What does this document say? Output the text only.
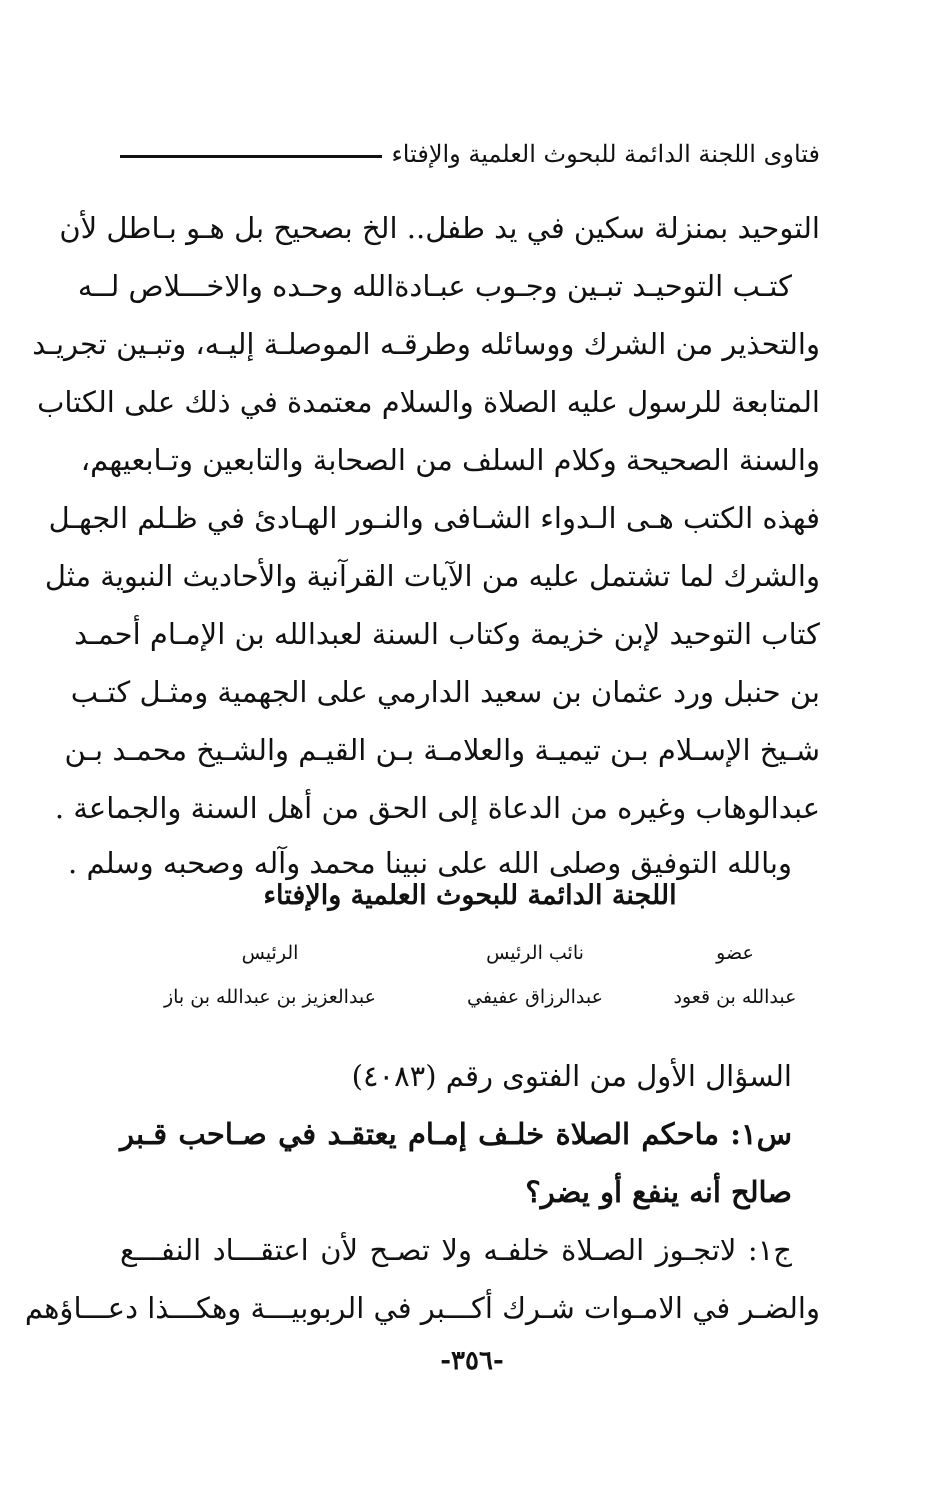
فتاوى اللجنة الدائمة للبحوث العلمية والإفتاء
التوحيد بمنزلة سكين في يد طفل.. الخ بصحيح بل هـو بـاطل لأن
كتـب التوحيـد تبـين وجـوب عبـادةالله وحـده والاخـــلاص لــه
والتحذير من الشرك ووسائله وطرقـه الموصلـة إليـه، وتبـين تجريـد
المتابعة للرسول عليه الصلاة والسلام معتمدة في ذلك على الكتاب
والسنة الصحيحة وكلام السلف من الصحابة والتابعين وتـابعيهم،
فهذه الكتب هـى الـدواء الشـافى والنـور الهـادئ في ظـلم الجهـل
والشرك لما تشتمل عليه من الآيات القرآنية والأحاديث النبوية مثل
كتاب التوحيد لإبن خزيمة وكتاب السنة لعبدالله بن الإمـام أحمـد
بن حنبل ورد عثمان بن سعيد الدارمي على الجهمية ومثـل كتـب
شـيخ الإسـلام بـن تيميـة والعلامـة بـن القيـم والشـيخ محمـد بـن
عبدالوهاب وغيره من الدعاة إلى الحق من أهل السنة والجماعة .
وبالله التوفيق وصلى الله على نبينا محمد وآله وصحبه وسلم .
اللجنة الدائمة للبحوث العلمية والإفتاء
عضو
نائب الرئيس
الرئيس
عبدالله بن قعود
عبدالرزاق عفيفي
عبدالعزيز بن عبدالله بن باز
السؤال الأول من الفتوى رقم (٤٠٨٣)
س١: ماحكم الصلاة خلـف إمـام يعتقـد في صـاحب قـبر
صالح أنه ينفع أو يضر؟
ج١: لاتجـوز الصـلاة خلفـه ولا تصـح لأن اعتقـــاد النفـــع
والضـر في الامـوات شـرك أكـــبر في الربوبيـــة وهكـــذا دعـــاؤهم
-٣٥٦-
